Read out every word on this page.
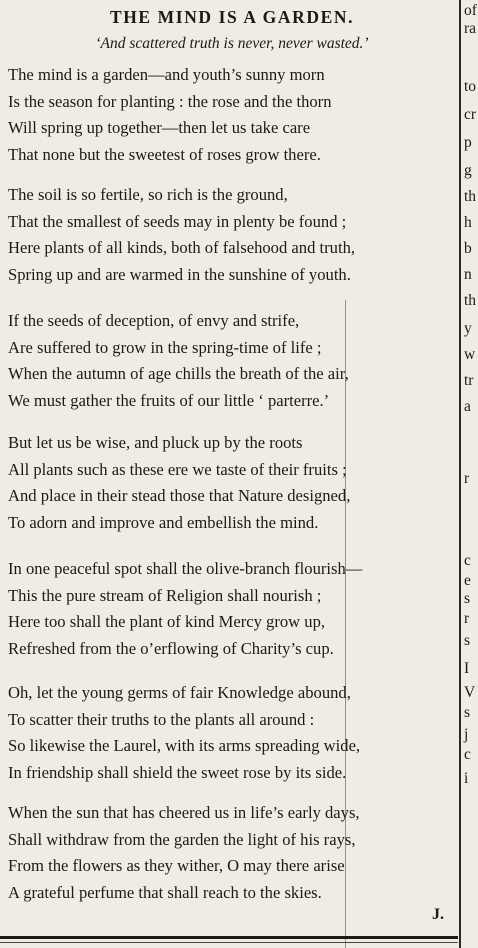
THE MIND IS A GARDEN.
‘And scattered truth is never, never wasted.’
The mind is a garden—and youth’s sunny morn
Is the season for planting : the rose and the thorn
Will spring up together—then let us take care
That none but the sweetest of roses grow there.
The soil is so fertile, so rich is the ground,
That the smallest of seeds may in plenty be found ;
Here plants of all kinds, both of falsehood and truth,
Spring up and are warmed in the sunshine of youth.
If the seeds of deception, of envy and strife,
Are suffered to grow in the spring-time of life ;
When the autumn of age chills the breath of the air,
We must gather the fruits of our little ‘ parterre.’
But let us be wise, and pluck up by the roots
All plants such as these ere we taste of their fruits ;
And place in their stead those that Nature designed,
To adorn and improve and embellish the mind.
In one peaceful spot shall the olive-branch flourish—
This the pure stream of Religion shall nourish ;
Here too shall the plant of kind Mercy grow up,
Refreshed from the o’erflowing of Charity’s cup.
Oh, let the young germs of fair Knowledge abound,
To scatter their truths to the plants all around :
So likewise the Laurel, with its arms spreading wide,
In friendship shall shield the sweet rose by its side.
When the sun that has cheered us in life’s early days,
Shall withdraw from the garden the light of his rays,
From the flowers as they wither, O may there arise
A grateful perfume that shall reach to the skies.
J.
of
ra
to
cr
p
g
th
h
b
n
th
y
w
tr
a
r
c
e
s
r
s
I
V
s
j
c
i
